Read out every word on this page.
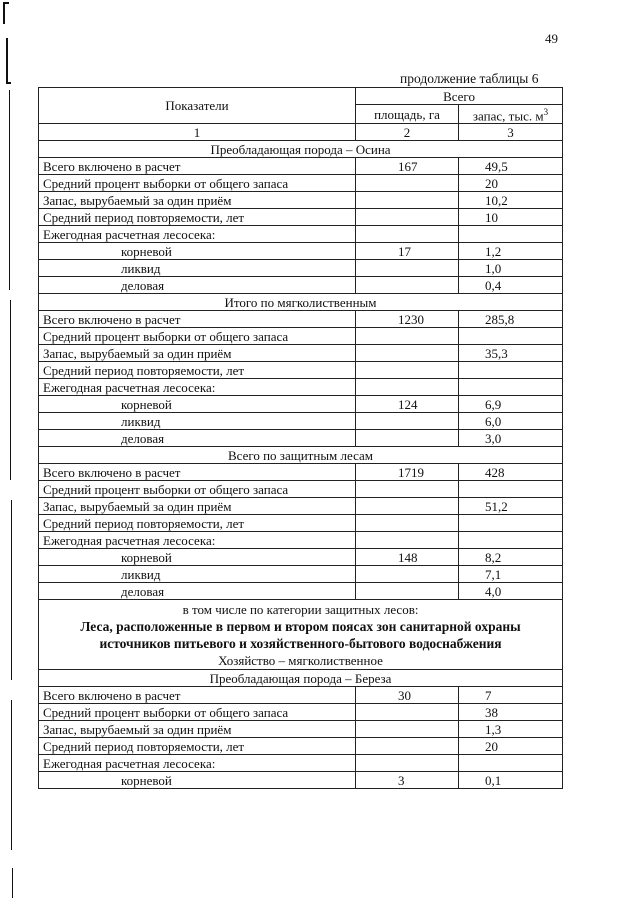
49
продолжение таблицы 6
Показатели	Всего	
	площадь, га	запас, тыс. $м^3$
1	2	3
Преобладающая порода – Осина		
Всего включено в расчет	167	49,5
Средний процент выборки от общего запаса		20
Запас, вырубаемый за один приём		10,2
Средний период повторяемости, лет		10
Ежегодная расчетная лесосека:		
корневой	17	1,2
ликвид		1,0
деловая		0,4
Итого по мягколиственным		
Всего включено в расчет	1230	285,8
Средний процент выборки от общего запаса		
Запас, вырубаемый за один приём		35,3
Средний период повторяемости, лет		
Ежегодная расчетная лесосека:		
корневой	124	6,9
ликвид		6,0
деловая		3,0
Всего по защитным лесам		
Всего включено в расчет	1719	428
Средний процент выборки от общего запаса		
Запас, вырубаемый за один приём		51,2
Средний период повторяемости, лет		
Ежегодная расчетная лесосека:		
корневой	148	8,2
ликвид		7,1
деловая		4,0

в том числе по категории защитных лесов:
Леса, расположенные в первом и втором поясах зон санитарной охраны
источников питьевого и хозяйственного-бытового водоснабжения
Хозяйство – мягколиственное		

Преобладающая порода – Береза		
Всего включено в расчет	30	7
Средний процент выборки от общего запаса		38
Запас, вырубаемый за один приём		1,3
Средний период повторяемости, лет		20
Ежегодная расчетная лесосека:		
корневой	3	0,1
